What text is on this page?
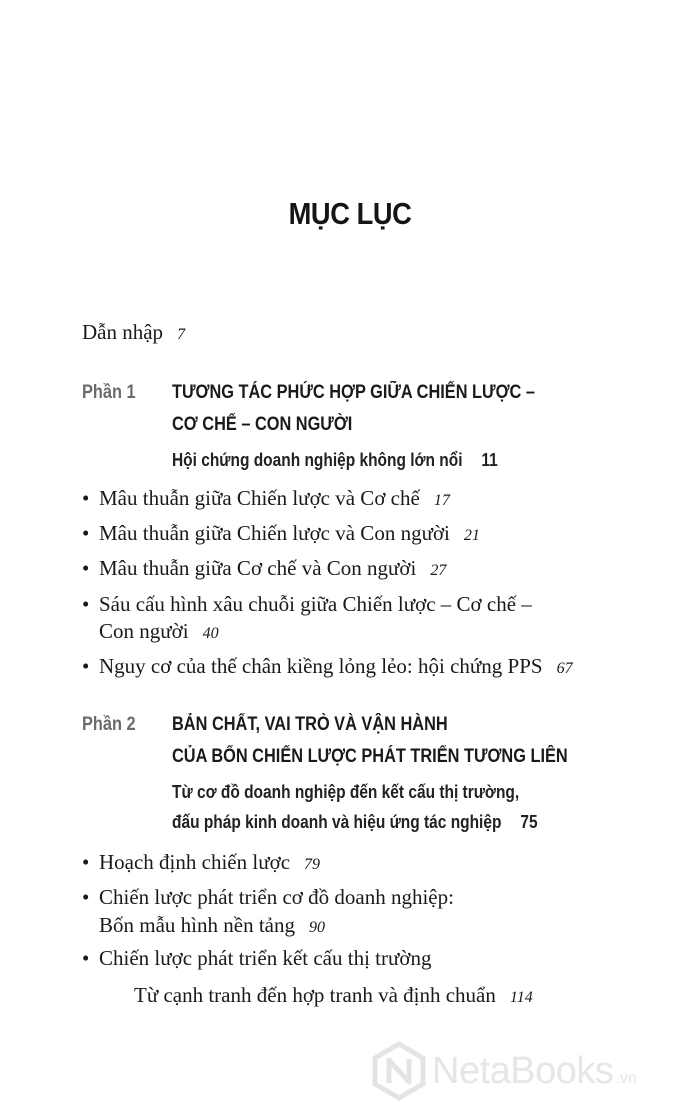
MỤC LỤC
Dẫn nhập 7
Phần 1 TƯƠNG TÁC PHỨC HỢP GIỮA CHIẾN LƯỢC –
CƠ CHẾ – CON NGƯỜI
Hội chứng doanh nghiệp không lớn nổi 11
• Mâu thuẫn giữa Chiến lược và Cơ chế 17
• Mâu thuẫn giữa Chiến lược và Con người 21
• Mâu thuẫn giữa Cơ chế và Con người 27
• Sáu cấu hình xâu chuỗi giữa Chiến lược – Cơ chế –
Con người 40
• Nguy cơ của thế chân kiềng lỏng lẻo: hội chứng PPS 67
Phần 2 BẢN CHẤT, VAI TRÒ VÀ VẬN HÀNH
CỦA BỐN CHIẾN LƯỢC PHÁT TRIỂN TƯƠNG LIÊN
Từ cơ đồ doanh nghiệp đến kết cấu thị trường,
đấu pháp kinh doanh và hiệu ứng tác nghiệp 75
• Hoạch định chiến lược 79
• Chiến lược phát triển cơ đồ doanh nghiệp:
Bốn mẫu hình nền tảng 90
• Chiến lược phát triển kết cấu thị trường
Từ cạnh tranh đến hợp tranh và định chuẩn 114
NetaBooks .vn
